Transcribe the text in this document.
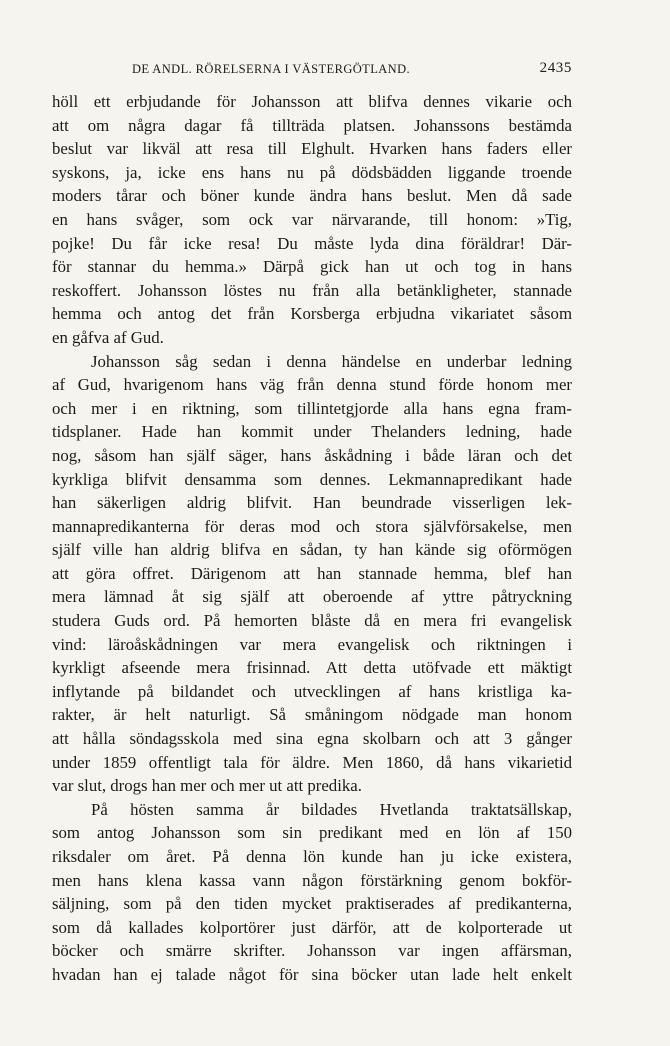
DE ANDL. RÖRELSERNA I VÄSTERGÖTLAND.	2435
höll ett erbjudande för Johansson att blifva dennes vikarie och
att om några dagar få tillträda platsen. Johanssons bestämda
beslut var likväl att resa till Elghult. Hvarken hans faders eller
syskons, ja, icke ens hans nu på dödsbädden liggande troende
moders tårar och böner kunde ändra hans beslut. Men då sade
en hans svåger, som ock var närvarande, till honom: »Tig,
pojke! Du får icke resa! Du måste lyda dina föräldrar! Där-
för stannar du hemma.» Därpå gick han ut och tog in hans
reskoffert. Johansson löstes nu från alla betänkligheter, stannade
hemma och antog det från Korsberga erbjudna vikariatet såsom
en gåfva af Gud.
Johansson såg sedan i denna händelse en underbar ledning
af Gud, hvarigenom hans väg från denna stund förde honom mer
och mer i en riktning, som tillintetgjorde alla hans egna fram-
tidsplaner. Hade han kommit under Thelanders ledning, hade
nog, såsom han själf säger, hans åskådning i både läran och det
kyrkliga blifvit densamma som dennes. Lekmannapredikant hade
han säkerligen aldrig blifvit. Han beundrade visserligen lek-
mannapredikanterna för deras mod och stora självförsakelse, men
själf ville han aldrig blifva en sådan, ty han kände sig oförmögen
att göra offret. Därigenom att han stannade hemma, blef han
mera lämnad åt sig själf att oberoende af yttre påtryckning
studera Guds ord. På hemorten blåste då en mera fri evangelisk
vind: läroåskådningen var mera evangelisk och riktningen i
kyrkligt afseende mera frisinnad. Att detta utöfvade ett mäktigt
inflytande på bildandet och utvecklingen af hans kristliga ka-
rakter, är helt naturligt. Så småningom nödgade man honom
att hålla söndagsskola med sina egna skolbarn och att 3 gånger
under 1859 offentligt tala för äldre. Men 1860, då hans vikarietid
var slut, drogs han mer och mer ut att predika.
På hösten samma år bildades Hvetlanda traktatsällskap,
som antog Johansson som sin predikant med en lön af 150
riksdaler om året. På denna lön kunde han ju icke existera,
men hans klena kassa vann någon förstärkning genom bokför-
säljning, som på den tiden mycket praktiserades af predikanterna,
som då kallades kolportörer just därför, att de kolporterade ut
böcker och smärre skrifter. Johansson var ingen affärsman,
hvadan han ej talade något för sina böcker utan lade helt enkelt
